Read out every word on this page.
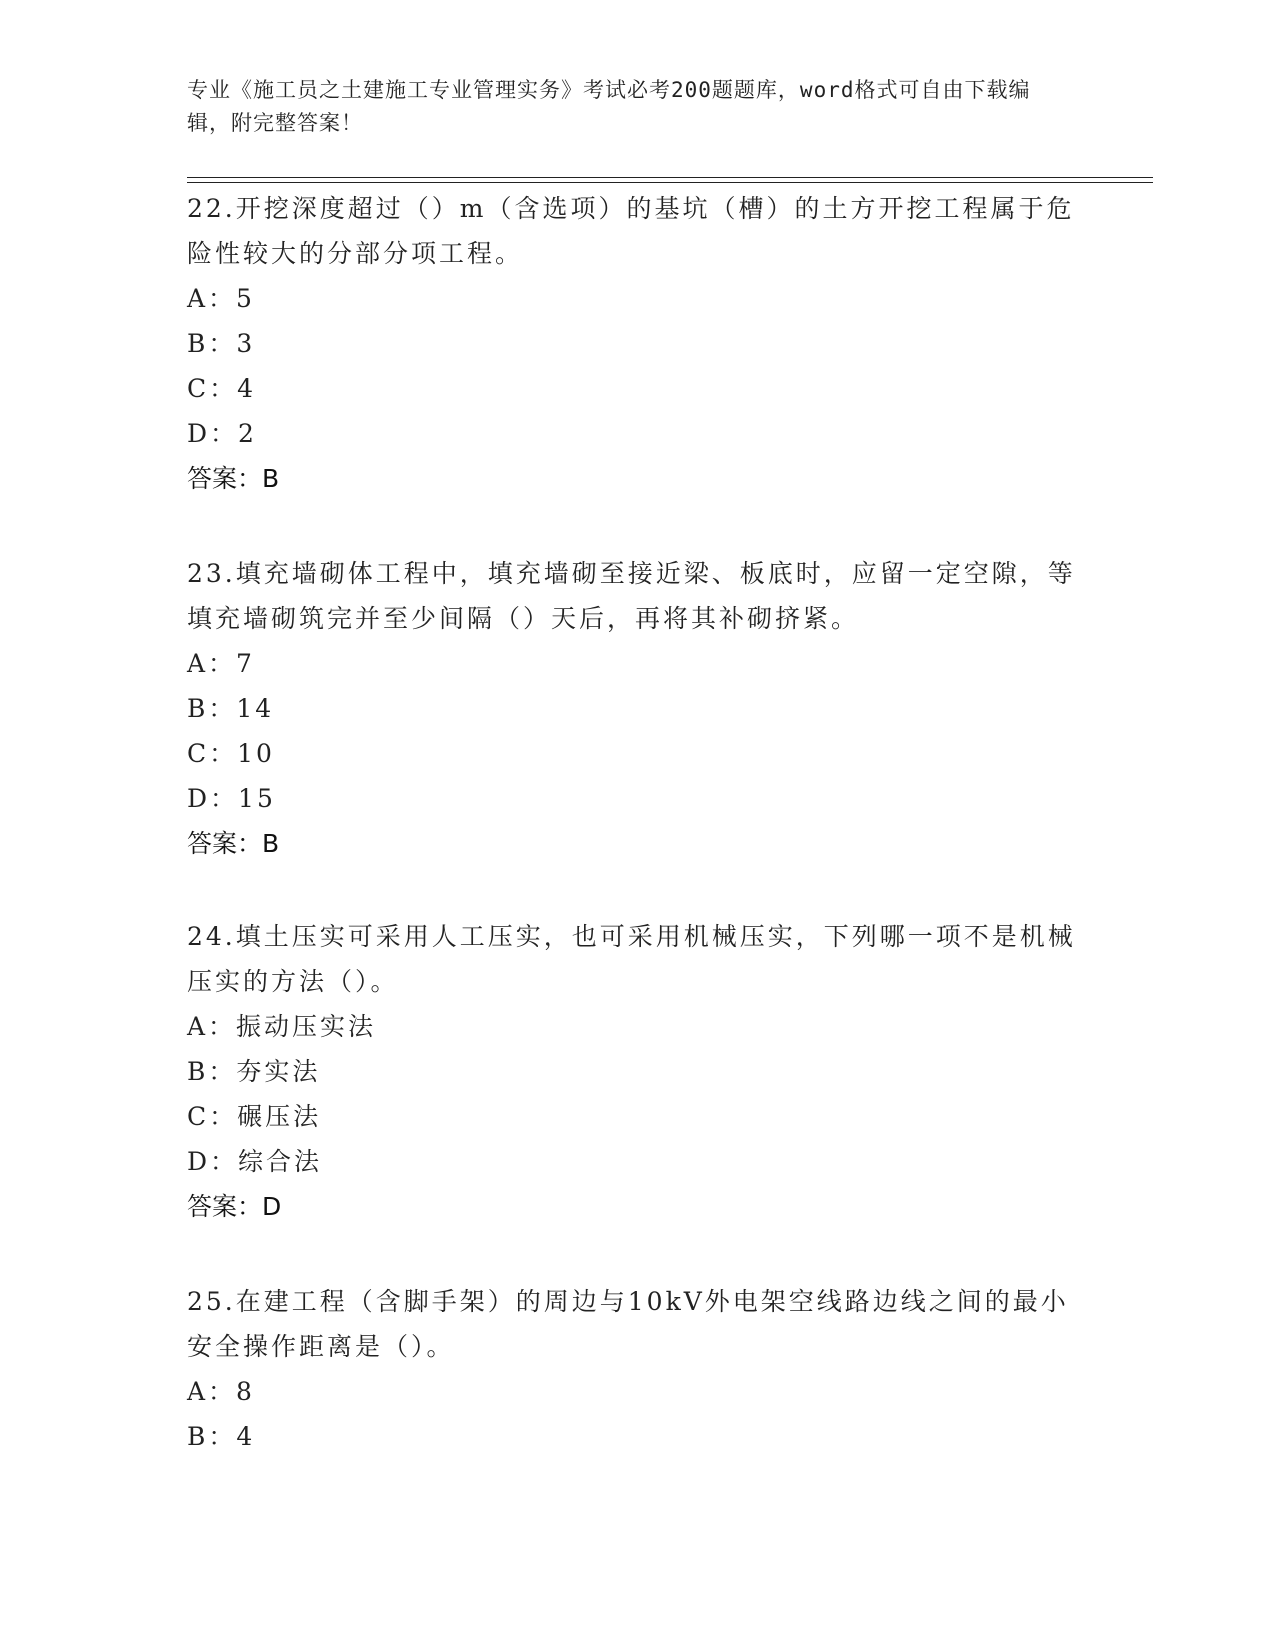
专业《施工员之土建施工专业管理实务》考试必考200题题库，word格式可自由下载编辑，附完整答案！

22.开挖深度超过（）m（含选项）的基坑（槽）的土方开挖工程属于危险性较大的分部分项工程。

A：5

B：3

C：4

D：2

答案：B

23.填充墙砌体工程中，填充墙砌至接近梁、板底时，应留一定空隙，等填充墙砌筑完并至少间隔（）天后，再将其补砌挤紧。

A：7

B：14

C：10

D：15

答案：B

24.填土压实可采用人工压实，也可采用机械压实，下列哪一项不是机械压实的方法（）。

A：振动压实法

B：夯实法

C：碾压法

D：综合法

答案：D

25.在建工程（含脚手架）的周边与10kV外电架空线路边线之间的最小安全操作距离是（）。

A：8

B：4
